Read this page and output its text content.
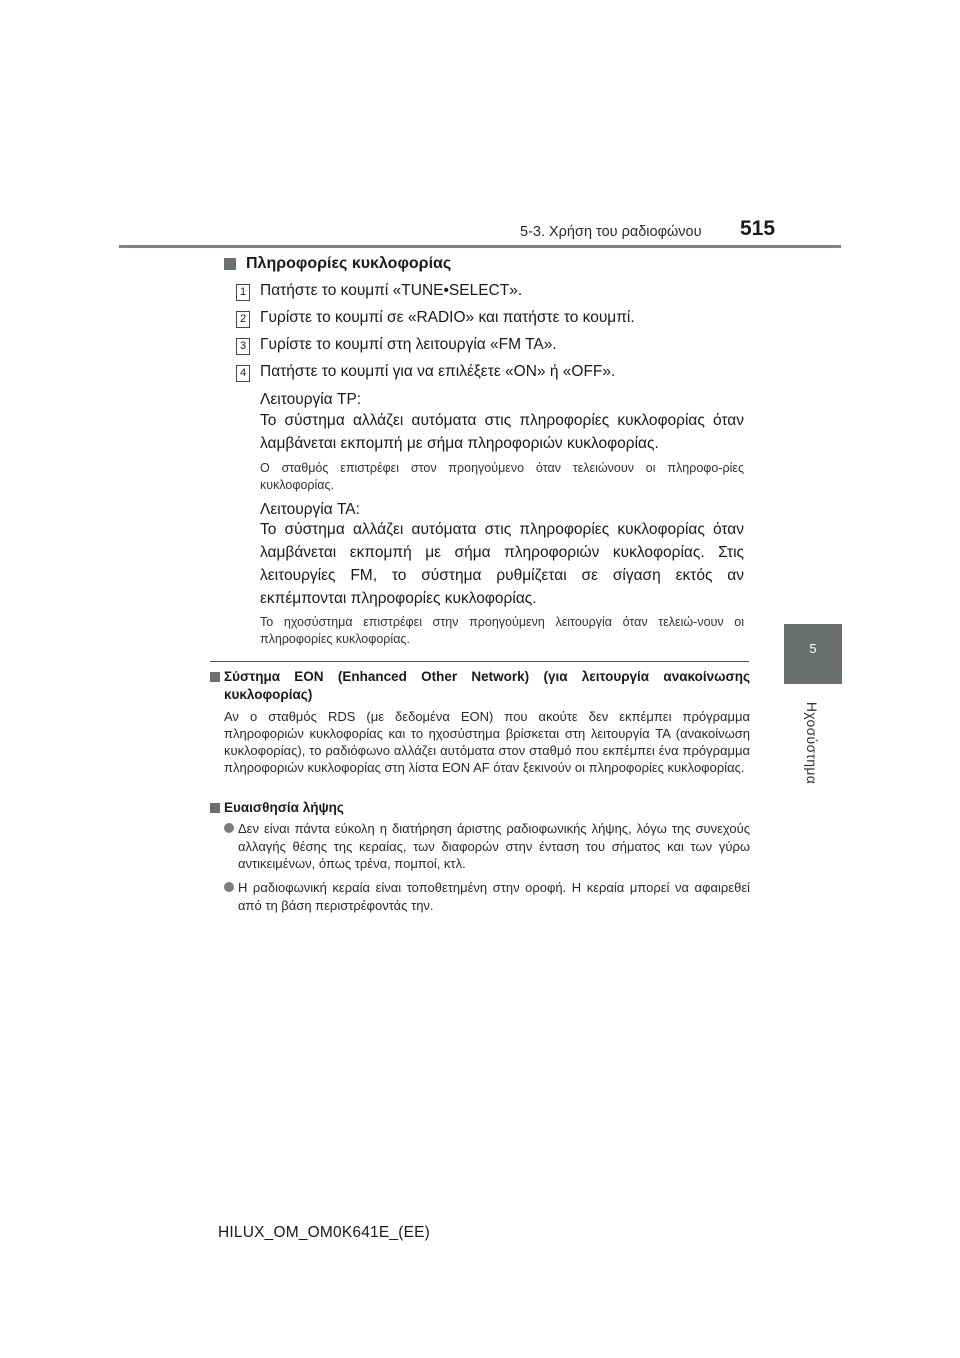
5-3. Χρήση του ραδιοφώνου 515
5
Ηχοσύστημα
Πληροφορίες κυκλοφορίας
1 Πατήστε το κουμπί «TUNE•SELECT».
2 Γυρίστε το κουμπί σε «RADIO» και πατήστε το κουμπί.
3 Γυρίστε το κουμπί στη λειτουργία «FM TA».
4 Πατήστε το κουμπί για να επιλέξετε «ON» ή «OFF».
Λειτουργία TP:
Το σύστημα αλλάζει αυτόματα στις πληροφορίες κυκλοφορίας όταν λαμβάνεται εκπομπή με σήμα πληροφοριών κυκλοφορίας.
Ο σταθμός επιστρέφει στον προηγούμενο όταν τελειώνουν οι πληροφο-ρίες κυκλοφορίας.
Λειτουργία TA:
Το σύστημα αλλάζει αυτόματα στις πληροφορίες κυκλοφορίας όταν λαμβάνεται εκπομπή με σήμα πληροφοριών κυκλοφορίας. Στις λειτουργίες FM, το σύστημα ρυθμίζεται σε σίγαση εκτός αν εκπέμπονται πληροφορίες κυκλοφορίας.
Το ηχοσύστημα επιστρέφει στην προηγούμενη λειτουργία όταν τελειώ-νουν οι πληροφορίες κυκλοφορίας.
Σύστημα EON (Enhanced Other Network) (για λειτουργία ανακοίνωσης κυκλοφορίας)
Αν ο σταθμός RDS (με δεδομένα EON) που ακούτε δεν εκπέμπει πρόγραμμα πληροφοριών κυκλοφορίας και το ηχοσύστημα βρίσκεται στη λειτουργία TA (ανακοίνωση κυκλοφορίας), το ραδιόφωνο αλλάζει αυτόματα στον σταθμό που εκπέμπει ένα πρόγραμμα πληροφοριών κυκλοφορίας στη λίστα EON AF όταν ξεκινούν οι πληροφορίες κυκλοφορίας.
Ευαισθησία λήψης
Δεν είναι πάντα εύκολη η διατήρηση άριστης ραδιοφωνικής λήψης, λόγω της συνεχούς αλλαγής θέσης της κεραίας, των διαφορών στην ένταση του σήματος και των γύρω αντικειμένων, όπως τρένα, πομποί, κτλ.
Η ραδιοφωνική κεραία είναι τοποθετημένη στην οροφή. Η κεραία μπορεί να αφαιρεθεί από τη βάση περιστρέφοντάς την.
HILUX_OM_OM0K641E_(EE)
